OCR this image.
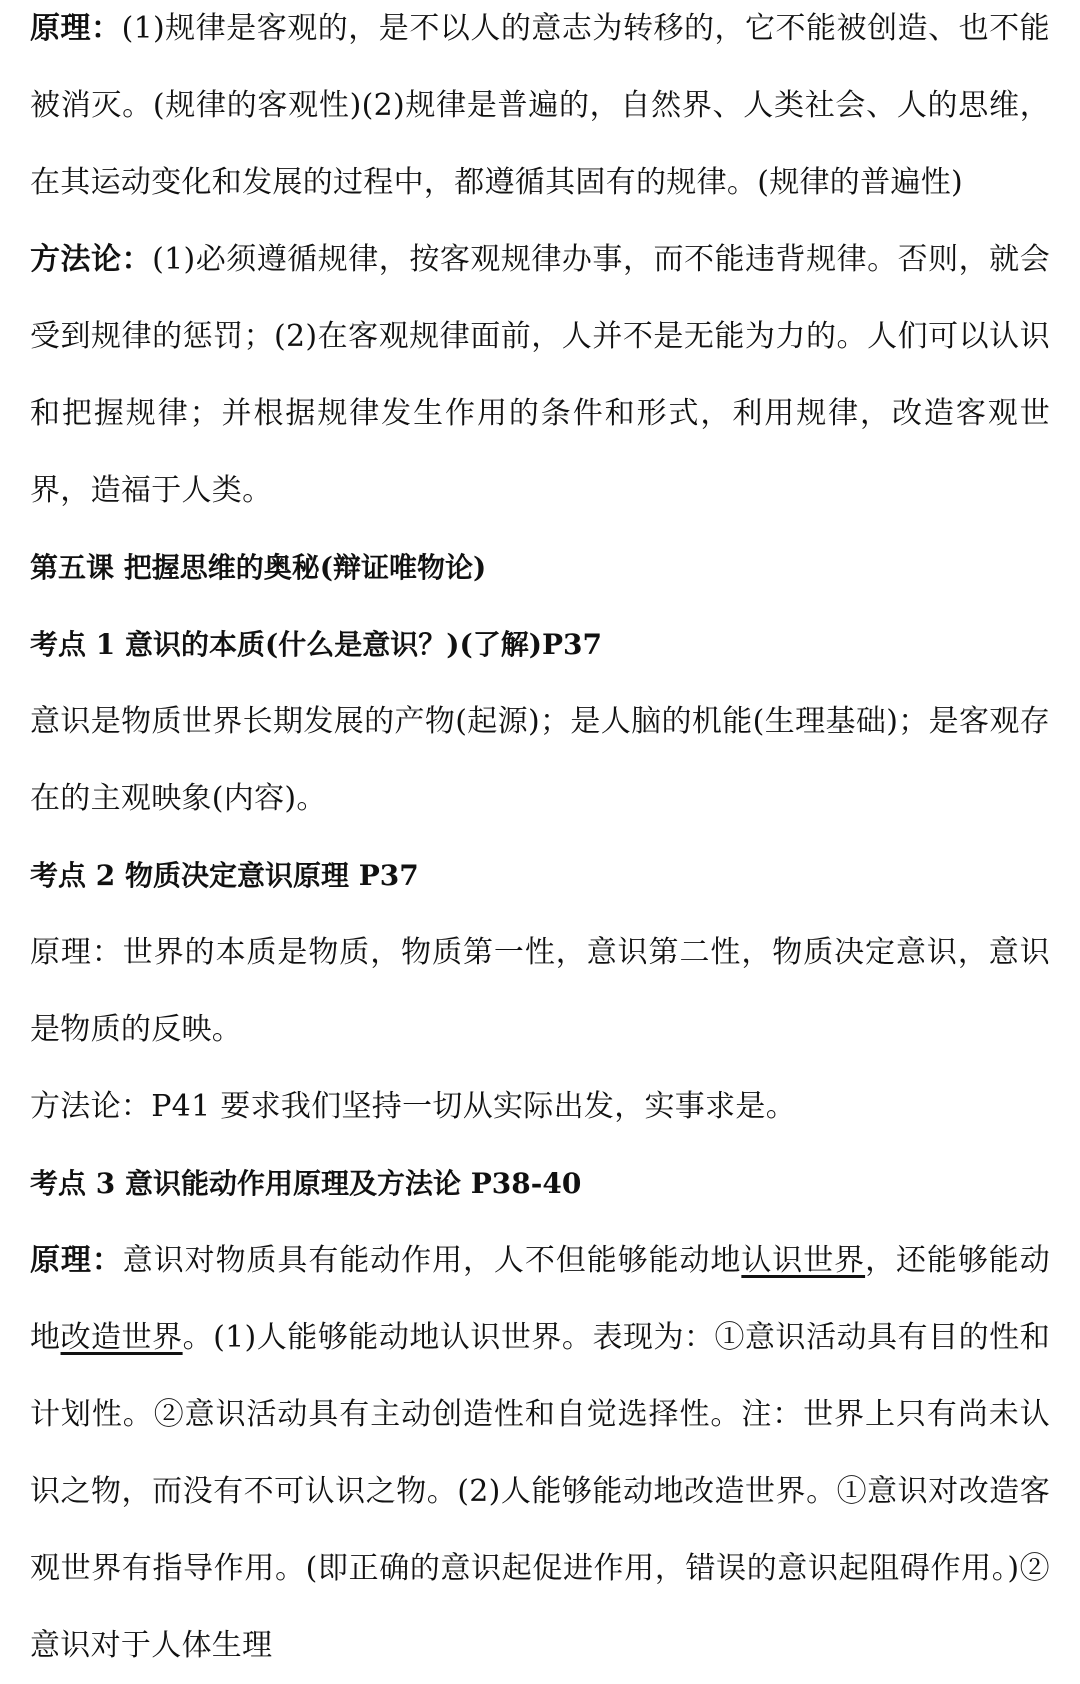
原理：(1)规律是客观的，是不以人的意志为转移的，它不能被创造、也不能被消灭。(规律的客观性)(2)规律是普遍的，自然界、人类社会、人的思维，在其运动变化和发展的过程中，都遵循其固有的规律。(规律的普遍性)

方法论：(1)必须遵循规律，按客观规律办事，而不能违背规律。否则，就会受到规律的惩罚；(2)在客观规律面前，人并不是无能为力的。人们可以认识和把握规律；并根据规律发生作用的条件和形式，利用规律，改造客观世界，造福于人类。

第五课 把握思维的奥秘(辩证唯物论)

考点 1 意识的本质(什么是意识？)(了解)P37

意识是物质世界长期发展的产物(起源)；是人脑的机能(生理基础)；是客观存在的主观映象(内容)。

考点 2 物质决定意识原理 P37

原理：世界的本质是物质，物质第一性，意识第二性，物质决定意识，意识是物质的反映。

方法论：P41 要求我们坚持一切从实际出发，实事求是。

考点 3 意识能动作用原理及方法论 P38-40

原理：意识对物质具有能动作用，人不但能够能动地认识世界，还能够能动地改造世界。(1)人能够能动地认识世界。表现为：①意识活动具有目的性和计划性。②意识活动具有主动创造性和自觉选择性。注：世界上只有尚未认识之物，而没有不可认识之物。(2)人能够能动地改造世界。①意识对改造客观世界有指导作用。(即正确的意识起促进作用，错误的意识起阻碍作用。)②意识对于人体生理
